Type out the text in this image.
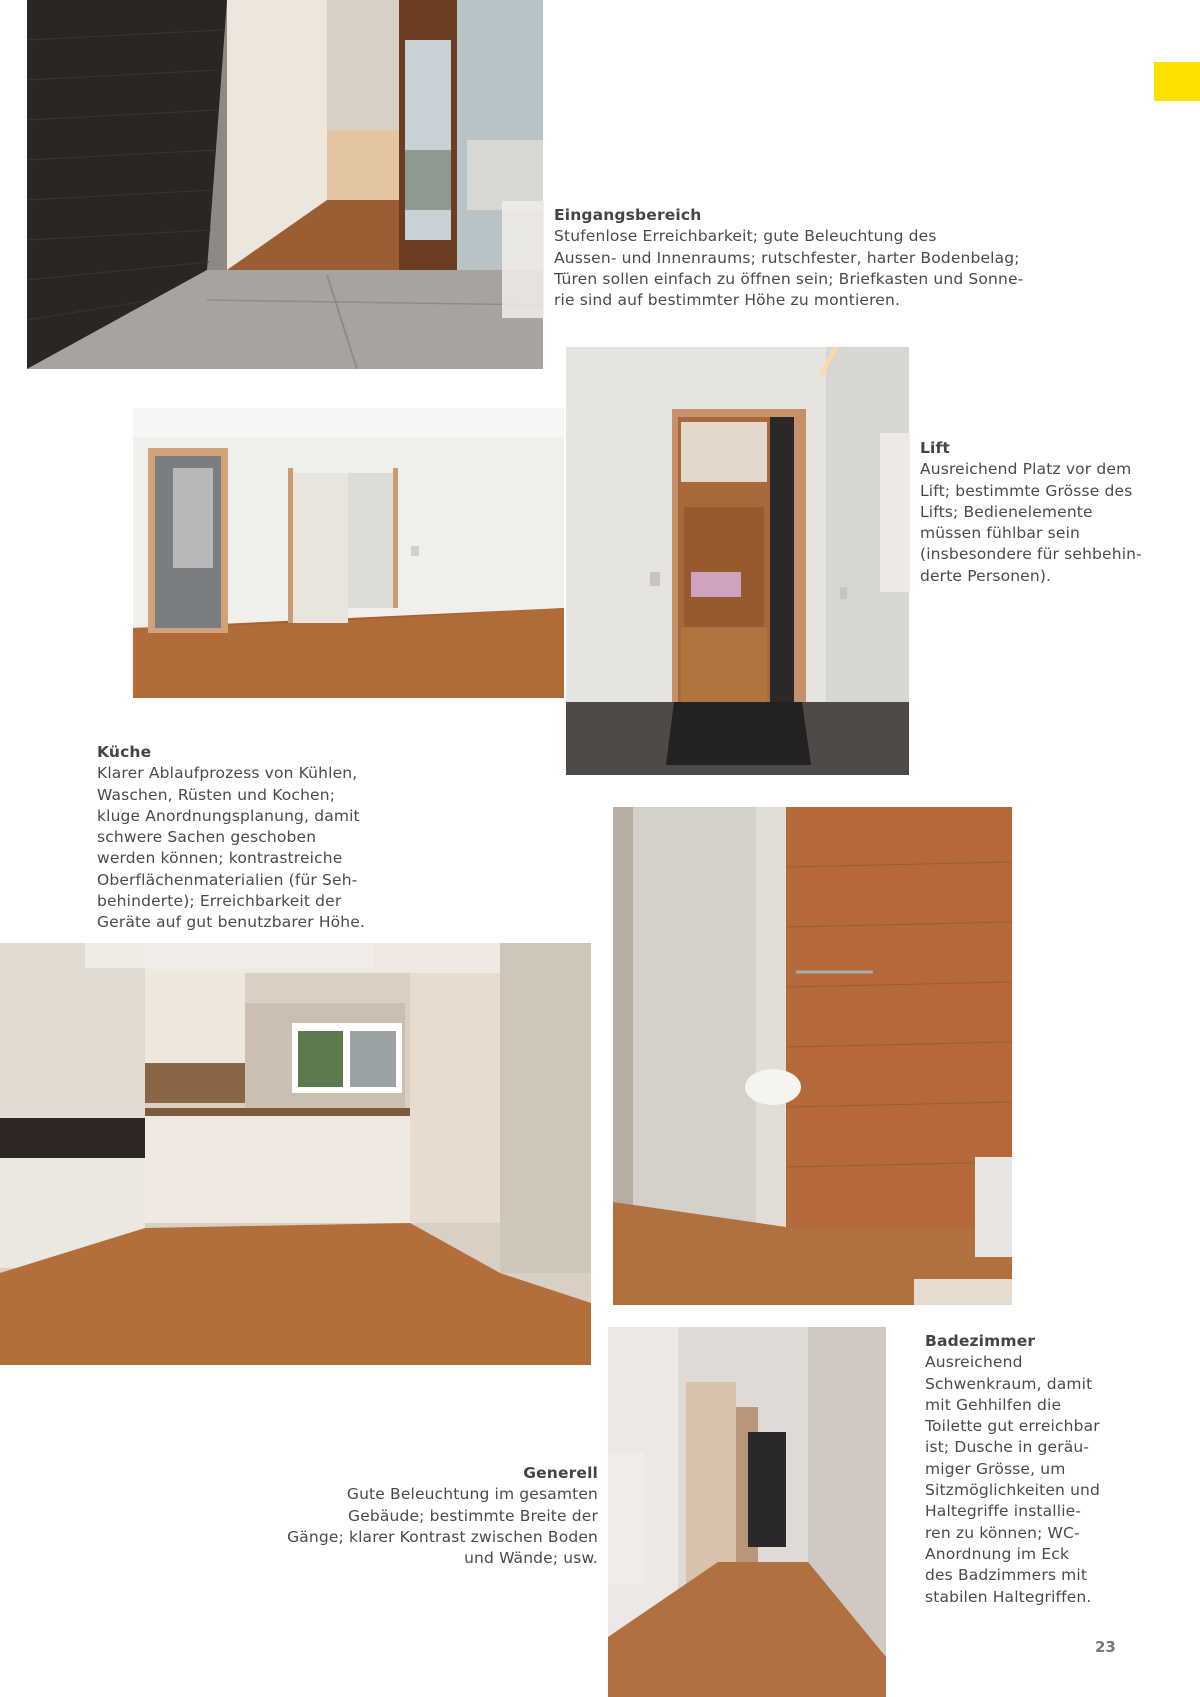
Eingangsbereich
Stufenlose Erreichbarkeit; gute Beleuchtung des
Aussen- und Innenraums; rutschfester, harter Bodenbelag;
Türen sollen einfach zu öffnen sein; Briefkasten und Sonne-
rie sind auf bestimmter Höhe zu montieren.
Lift
Ausreichend Platz vor dem
Lift; bestimmte Grösse des
Lifts; Bedienelemente
müssen fühlbar sein
(insbesondere für sehbehin-
derte Personen).
Küche
Klarer Ablaufprozess von Kühlen,
Waschen, Rüsten und Kochen;
kluge Anordnungsplanung, damit
schwere Sachen geschoben
werden können; kontrastreiche
Oberflächenmaterialien (für Seh-
behinderte); Erreichbarkeit der
Geräte auf gut benutzbarer Höhe.
Badezimmer
Ausreichend
Schwenkraum, damit
mit Gehhilfen die
Toilette gut erreichbar
ist; Dusche in geräu-
miger Grösse, um
Sitzmöglichkeiten und
Haltegriffe installie-
ren zu können; WC-
Anordnung im Eck
des Badzimmers mit
stabilen Haltegriffen.
Generell
Gute Beleuchtung im gesamten
Gebäude; bestimmte Breite der
Gänge; klarer Kontrast zwischen Boden
und Wände; usw.
23
